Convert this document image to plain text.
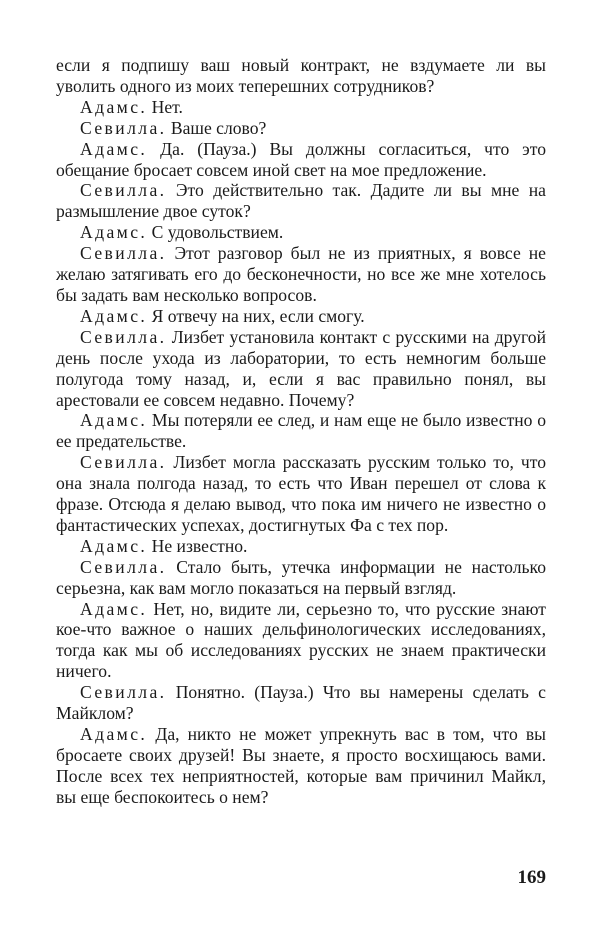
если я подпишу ваш новый контракт, не вздумаете ли вы уволить одного из моих теперешних сотрудников?

Адамс. Нет.

Севилла. Ваше слово?

Адамс. Да. (Пауза.) Вы должны согласиться, что это обещание бросает совсем иной свет на мое предложение.

Севилла. Это действительно так. Дадите ли вы мне на размышление двое суток?

Адамс. С удовольствием.

Севилла. Этот разговор был не из приятных, я вовсе не желаю затягивать его до бесконечности, но все же мне хотелось бы задать вам несколько вопросов.

Адамс. Я отвечу на них, если смогу.

Севилла. Лизбет установила контакт с русскими на другой день после ухода из лаборатории, то есть немногим больше полугода тому назад, и, если я вас правильно понял, вы арестовали ее совсем недавно. Почему?

Адамс. Мы потеряли ее след, и нам еще не было известно о ее предательстве.

Севилла. Лизбет могла рассказать русским только то, что она знала полгода назад, то есть что Иван перешел от слова к фразе. Отсюда я делаю вывод, что пока им ничего не известно о фантастических успехах, достигнутых Фа с тех пор.

Адамс. Не известно.

Севилла. Стало быть, утечка информации не настолько серьезна, как вам могло показаться на первый взгляд.

Адамс. Нет, но, видите ли, серьезно то, что русские знают кое-что важное о наших дельфинологических исследованиях, тогда как мы об исследованиях русских не знаем практически ничего.

Севилла. Понятно. (Пауза.) Что вы намерены сделать с Майклом?

Адамс. Да, никто не может упрекнуть вас в том, что вы бросаете своих друзей! Вы знаете, я просто восхищаюсь вами. После всех тех неприятностей, которые вам причинил Майкл, вы еще беспокоитесь о нем?

169
